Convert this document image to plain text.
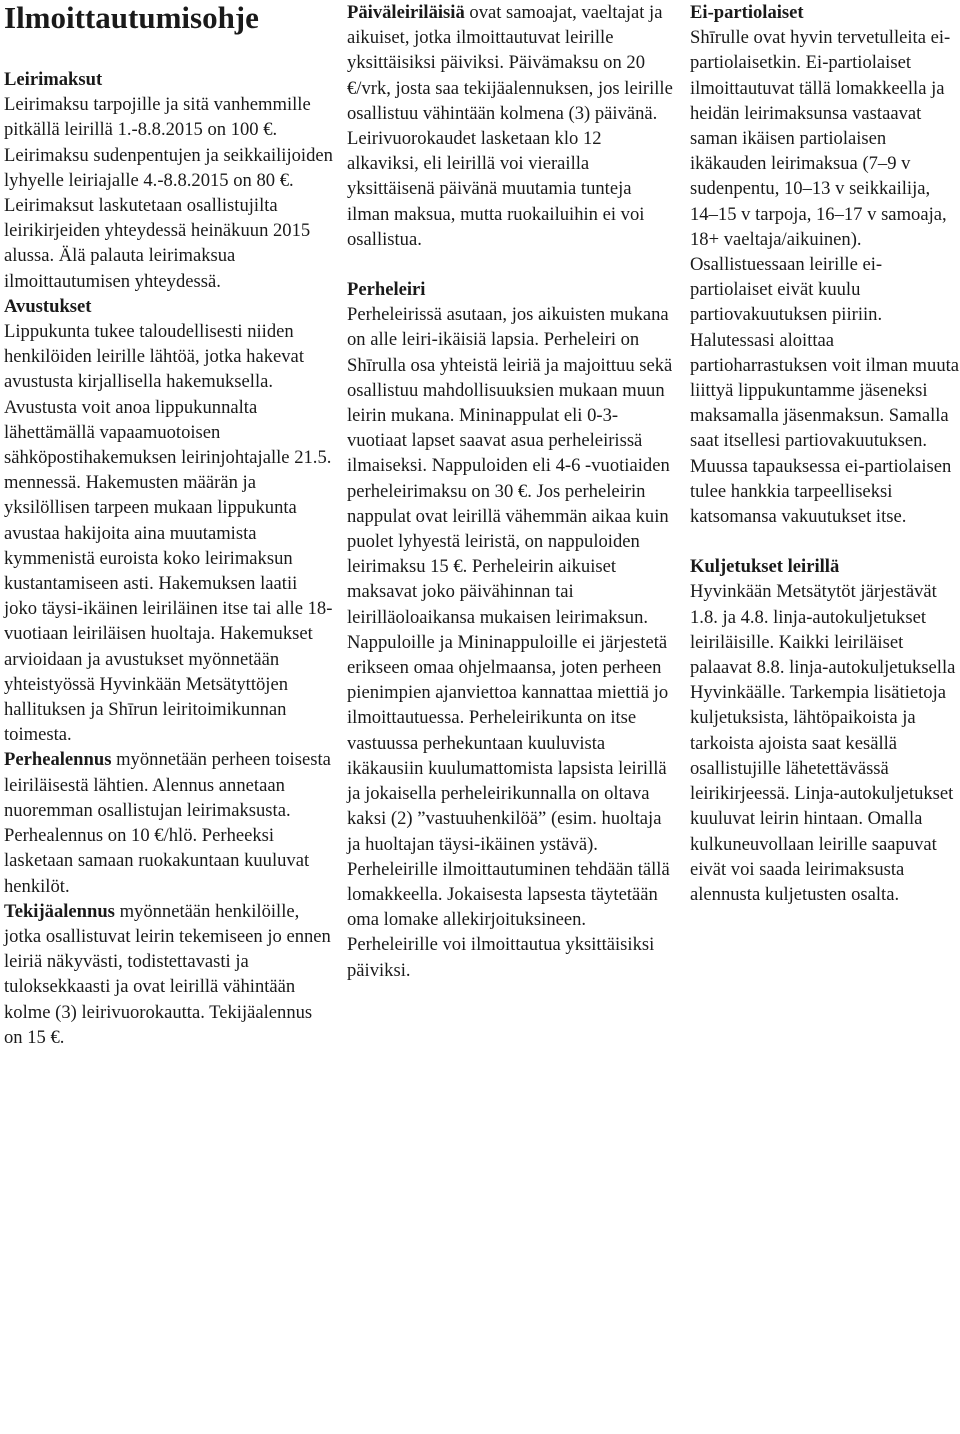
Ilmoittautumisohje
Leirimaksut

Leirimaksu tarpojille ja sitä vanhemmille pitkällä leirillä 1.-8.8.2015 on 100 €. Leirimaksu sudenpentujen ja seikkailijoiden lyhyelle leiriajalle 4.-8.8.2015 on 80 €. Leirimaksut laskutetaan osallistujilta leirikirjeiden yhteydessä heinäkuun 2015 alussa. Älä palauta leirimaksua ilmoittautumisen yhteydessä.

Avustukset

Lippukunta tukee taloudellisesti niiden henkilöiden leirille lähtöä, jotka hakevat avustusta kirjallisella hakemuksella. Avustusta voit anoa lippukunnalta lähettämällä vapaamuotoisen sähköpostihakemuksen leirinjohtajalle 21.5. mennessä. Hakemusten määrän ja yksilöllisen tarpeen mukaan lippukunta avustaa hakijoita aina muutamista kymmenistä euroista koko leirimaksun kustantamiseen asti. Hakemuksen laatii joko täysi-ikäinen leiriläinen itse tai alle 18-vuotiaan leiriläisen huoltaja. Hakemukset arvioidaan ja avustukset myönnetään yhteistyössä Hyvinkään Metsätyttöjen hallituksen ja Shīrun leiritoimikunnan toimesta.

Perhealennus myönnetään perheen toisesta leiriläisestä lähtien. Alennus annetaan nuoremman osallistujan leirimaksusta. Perhealennus on 10 €/hlö. Perheeksi lasketaan samaan ruokakuntaan kuuluvat henkilöt.

Tekijäalennus myönnetään henkilöille, jotka osallistuvat leirin tekemiseen jo ennen leiriä näkyvästi, todistettavasti ja tuloksekkaasti ja ovat leirillä vähintään kolme (3) leirivuorokautta. Tekijäalennus on 15 €.

Päiväleiriläisiä ovat samoajat, vaeltajat ja aikuiset, jotka ilmoittautuvat leirille yksittäisiksi päiviksi. Päivämaksu on 20 €/vrk, josta saa tekijäalennuksen, jos leirille osallistuu vähintään kolmena (3) päivänä. Leirivuorokaudet lasketaan klo 12 alkaviksi, eli leirillä voi vierailla yksittäisenä päivänä muutamia tunteja ilman maksua, mutta ruokailuihin ei voi osallistua.

Perheleiri

Perheleirissä asutaan, jos aikuisten mukana on alle leiri-ikäisiä lapsia. Perheleiri on Shīrulla osa yhteistä leiriä ja majoittuu sekä osallistuu mahdollisuuksien mukaan muun leirin mukana. Mininappulat eli 0-3-vuotiaat lapset saavat asua perheleirissä ilmaiseksi. Nappuloiden eli 4-6 -vuotiaiden perheleirimaksu on 30 €. Jos perheleirin nappulat ovat leirillä vähemmän aikaa kuin puolet lyhyestä leiristä, on nappuloiden leirimaksu 15 €. Perheleirin aikuiset maksavat joko päivähinnan tai leirilläoloaikansa mukaisen leirimaksun. Nappuloille ja Mininappuloille ei järjestetä erikseen omaa ohjelmaansa, joten perheen pienimpien ajanviettoa kannattaa miettiä jo ilmoittautuessa. Perheleirikunta on itse vastuussa perhekuntaan kuuluvista ikäkausiin kuulumattomista lapsista leirillä ja jokaisella perheleirikunnalla on oltava kaksi (2) ”vastuuhenkilöä” (esim. huoltaja ja huoltajan täysi-ikäinen ystävä). Perheleirille ilmoittautuminen tehdään tällä lomakkeella. Jokaisesta lapsesta täytetään oma lomake allekirjoituksineen. Perheleirille voi ilmoittautua yksittäisiksi päiviksi.

Ei-partiolaiset

Shīrulle ovat hyvin tervetulleita ei-partiolaisetkin. Ei-partiolaiset ilmoittautuvat tällä lomakkeella ja heidän leirimaksunsa vastaavat saman ikäisen partiolaisen ikäkauden leirimaksua (7–9 v sudenpentu, 10–13 v seikkailija, 14–15 v tarpoja, 16–17 v samoaja, 18+ vaeltaja/aikuinen). Osallistuessaan leirille ei-partiolaiset eivät kuulu partiovakuutuksen piiriin. Halutessasi aloittaa partioharrastuksen voit ilman muuta liittyä lippukuntamme jäseneksi maksamalla jäsenmaksun. Samalla saat itsellesi partiovakuutuksen. Muussa tapauksessa ei-partiolaisen tulee hankkia tarpeelliseksi katsomansa vakuutukset itse.

Kuljetukset leirillä

Hyvinkään Metsätytöt järjestävät 1.8. ja 4.8. linja-autokuljetukset leiriläisille. Kaikki leiriläiset palaavat 8.8. linja-autokuljetuksella Hyvinkäälle. Tarkempia lisätietoja kuljetuksista, lähtöpaikoista ja tarkoista ajoista saat kesällä osallistujille lähetettävässä leirikirjeessä. Linja-autokuljetukset kuuluvat leirin hintaan. Omalla kulkuneuvollaan leirille saapuvat eivät voi saada leirimaksusta alennusta kuljetusten osalta.
